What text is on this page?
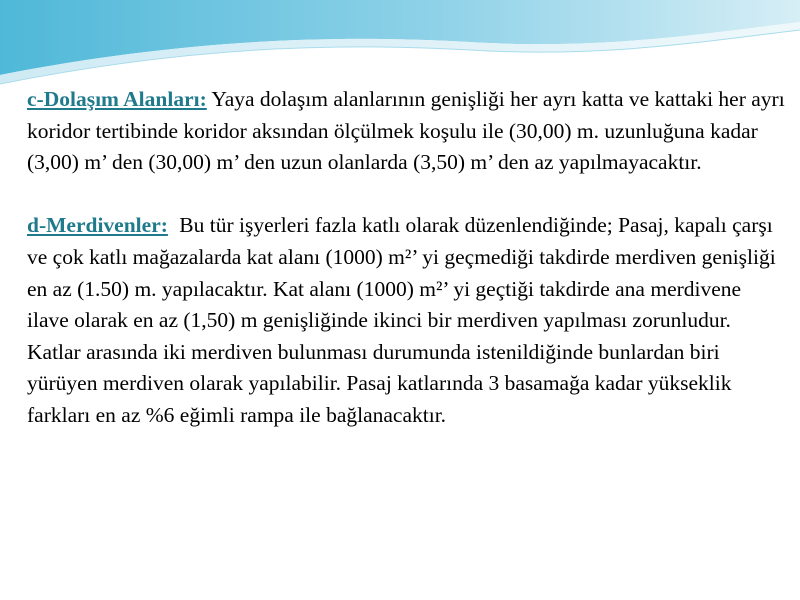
c-Dolaşım Alanları: Yaya dolaşım alanlarının genişliği her ayrı katta ve kattaki her ayrı koridor tertibinde koridor aksından ölçülmek koşulu ile (30,00) m. uzunluğuna kadar (3,00) m’ den (30,00) m’ den uzun olanlarda (3,50) m’ den az yapılmayacaktır.

d-Merdivenler: Bu tür işyerleri fazla katlı olarak düzenlendiğinde; Pasaj, kapalı çarşı ve çok katlı mağazalarda kat alanı (1000) m²’ yi geçmediği takdirde merdiven genişliği en az (1.50) m. yapılacaktır. Kat alanı (1000) m²’ yi geçtiği takdirde ana merdivene ilave olarak en az (1,50) m genişliğinde ikinci bir merdiven yapılması zorunludur. Katlar arasında iki merdiven bulunması durumunda istenildiğinde bunlardan biri yürüyen merdiven olarak yapılabilir. Pasaj katlarında 3 basamağa kadar yükseklik farkları en az %6 eğimli rampa ile bağlanacaktır.
